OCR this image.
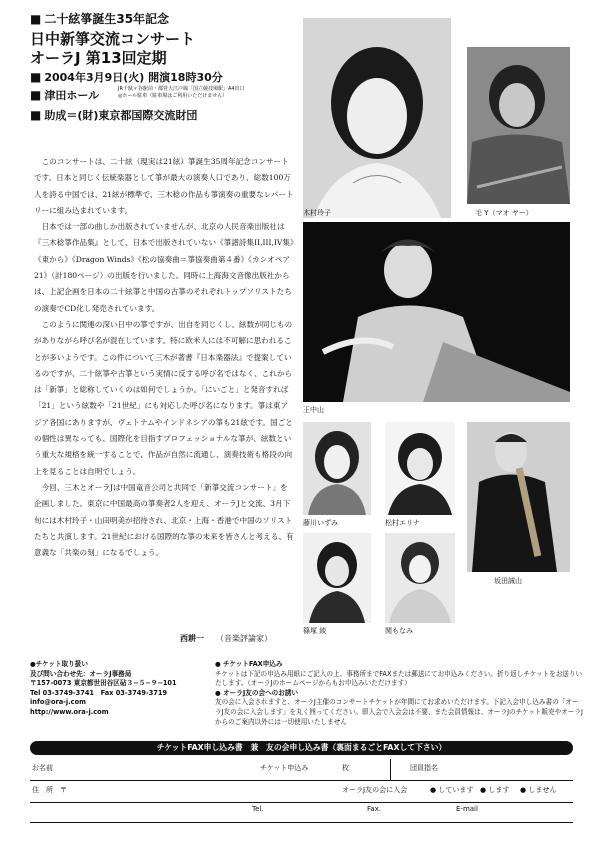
■ 二十絃箏誕生35年記念
日中新箏交流コンサート
オーラJ 第13回定期
■ 2004年3月9日(火) 開演18時30分
■ 津田ホール	JR千駄ヶ谷駅前・都営大江戸線「国立競技場駅」A4出口
◎ホール駐車（駐車場はご利用いただけません）
■ 助成＝(財)東京都国際交流財団
木村玲子	毛 Y（マオ ヤー）
王中山
藤川いずみ	松村エリナ
坂田誠山
篠塚 綾	関もなみ

このコンサートは、二十絃（現実は21絃）箏誕生35周年記念コンサートです。日本と同じく伝統楽器として箏が最大の演奏人口であり、総数100万人を誇る中国では、21絃が標準で、三木稔の作品も箏演奏の重要なレパートリーに組み込まれています。

日本では一部の曲しか出版されていませんが、北京の人民音楽出版社は『三木稔箏作品集』として、日本で出版されていない《箏譜詩集II,III,IV集》《東から》《Dragon Winds》《松の協奏曲＝箏協奏曲第４番》《カシオペア21》（計180ページ）の出版を行いました。同時に上海海文音像出版社からは、上記企画を日本の二十絃箏と中国の古箏のそれぞれトップソリストたちの演奏でCD化し発売されています。

このように関連の深い日中の箏ですが、出自を同じくし、絃数が同じものがありながら呼び名が混在しています。特に欧米人には不可解に思われることが多いようです。この件について三木が著書『日本楽器法』で提案しているのですが、二十絃箏や古箏という実情に反する呼び名ではなく、これからは「新箏」と総称していくのは如何でしょうか。「にいごと」と発音すれば「21」という絃数や「21世紀」にも対応した呼び名になります。箏は東アジア各国にありますが、ヴェトナムやインドネシアの箏も21絃です。国ごとの個性は異なっても、国際化を目指すプロフェッショナルな箏が、絃数という重大な規格を統一することで、作品が自然に流通し、演奏技術も格段の向上を見ることは自明でしょう。

今回、三木とオーラJは中国竜音公司と共同で「新箏交流コンサート」を企画しました。東京に中国最高の箏奏者2人を迎え、オーラJと交流、3月下旬には木村玲子・山田明美が招待され、北京・上海・香港で中国のソリストたちと共演します。21世紀における国際的な箏の未来を皆さんと考える、有意義な「共楽の刻」になるでしょう。

西耕一 （音楽評論家）
●チケット取り扱い
及び問い合わせ先：オーラJ事務局
〒157-0073 東京都世田谷区砧３−５−９−101
Tel 03-3749-3741　Fax 03-3749-3719
info@ora-j.com
http://www.ora-j.com
● チケットFAX申込み
チケットは下記の申込み用紙にご記入の上、事務所までFAXまたは郵送にてお申込みください。折り返しチケットをお送りいたします。（オーラJのホームページからもお申込みいただけます）
● オーラJ友の会へのお誘い
友の会に入会されますと、オーラJ主催のコンサートチケットが年間にてお求めいただけます。下記入会申し込み書の「オーラJ友の会に入会します」を丸く囲ってください。即入会で入会会は不要、また会員情報は、オーラJのチケット販売やオーラJからのご案内以外には一切使用いたしません
チケットFAX申し込み書　兼　友の会申し込み書（裏面まるごとFAXして下さい）
お名前	チケット申込み	枚	団員指名
住　所　〒	オーラJ友の会に入会	● しています ● します ● しません
Tel.	Fax.	E-mail
